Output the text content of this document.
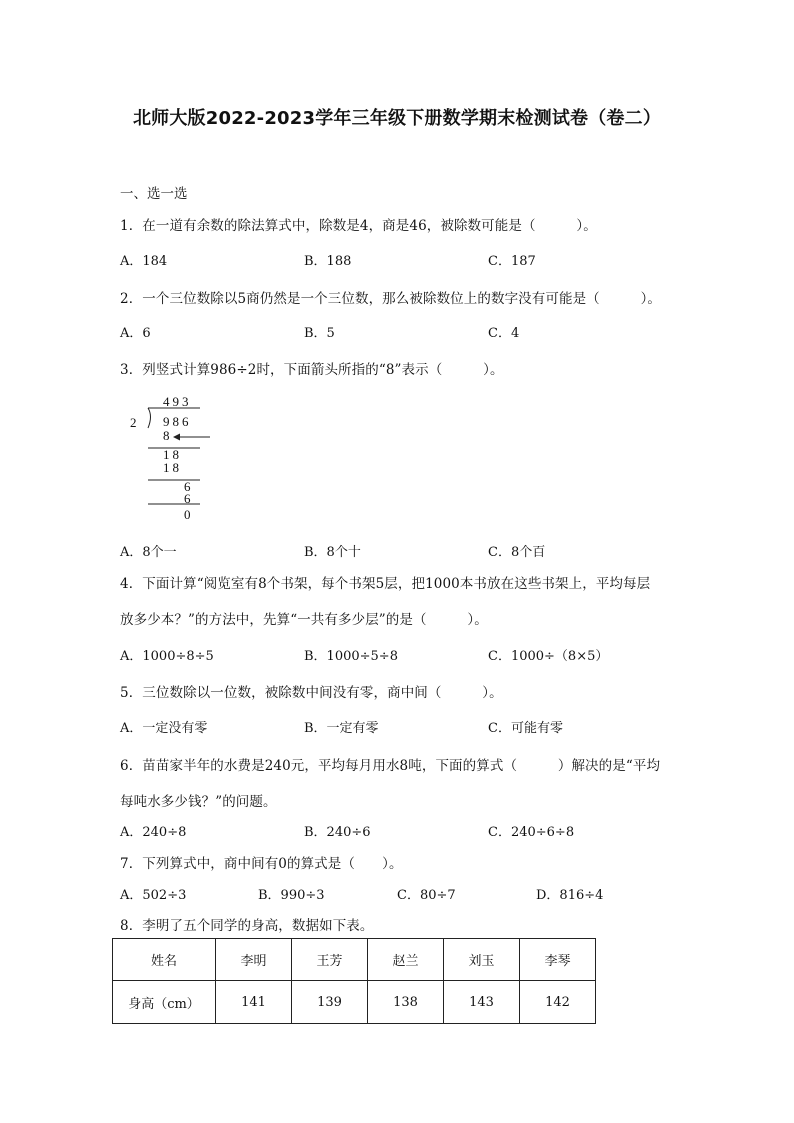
北师大版2022-2023学年三年级下册数学期末检测试卷（卷二）
一、选一选
1．在一道有余数的除法算式中，除数是4，商是46，被除数可能是（　　　）。
A．184	B．188	C．187
2．一个三位数除以5商仍然是一个三位数，那么被除数位上的数字没有可能是（　　　）。
A．6	B．5	C．4
3．列竖式计算986÷2时，下面箭头所指的“8”表示（　　　）。
493
2 986
8
18
18
6
6
0
A．8个一	B．8个十	C．8个百
4．下面计算“阅览室有8个书架，每个书架5层，把1000本书放在这些书架上，平均每层
放多少本？”的方法中，先算“一共有多少层”的是（　　　）。
A．1000÷8÷5	B．1000÷5÷8	C．1000÷（8×5）
5．三位数除以一位数，被除数中间没有零，商中间（　　　）。
A．一定没有零	B．一定有零	C．可能有零
6．苗苗家半年的水费是240元，平均每月用水8吨，下面的算式（　　　）解决的是“平均
每吨水多少钱？”的问题。
A．240÷8	B．240÷6	C．240÷6÷8
7．下列算式中，商中间有0的算式是（　　）。
A．502÷3	B．990÷3	C．80÷7	D．816÷4
8．李明了五个同学的身高，数据如下表。
姓名	李明	王芳	赵兰	刘玉	李琴
身高（cm）	141	139	138	143	142
